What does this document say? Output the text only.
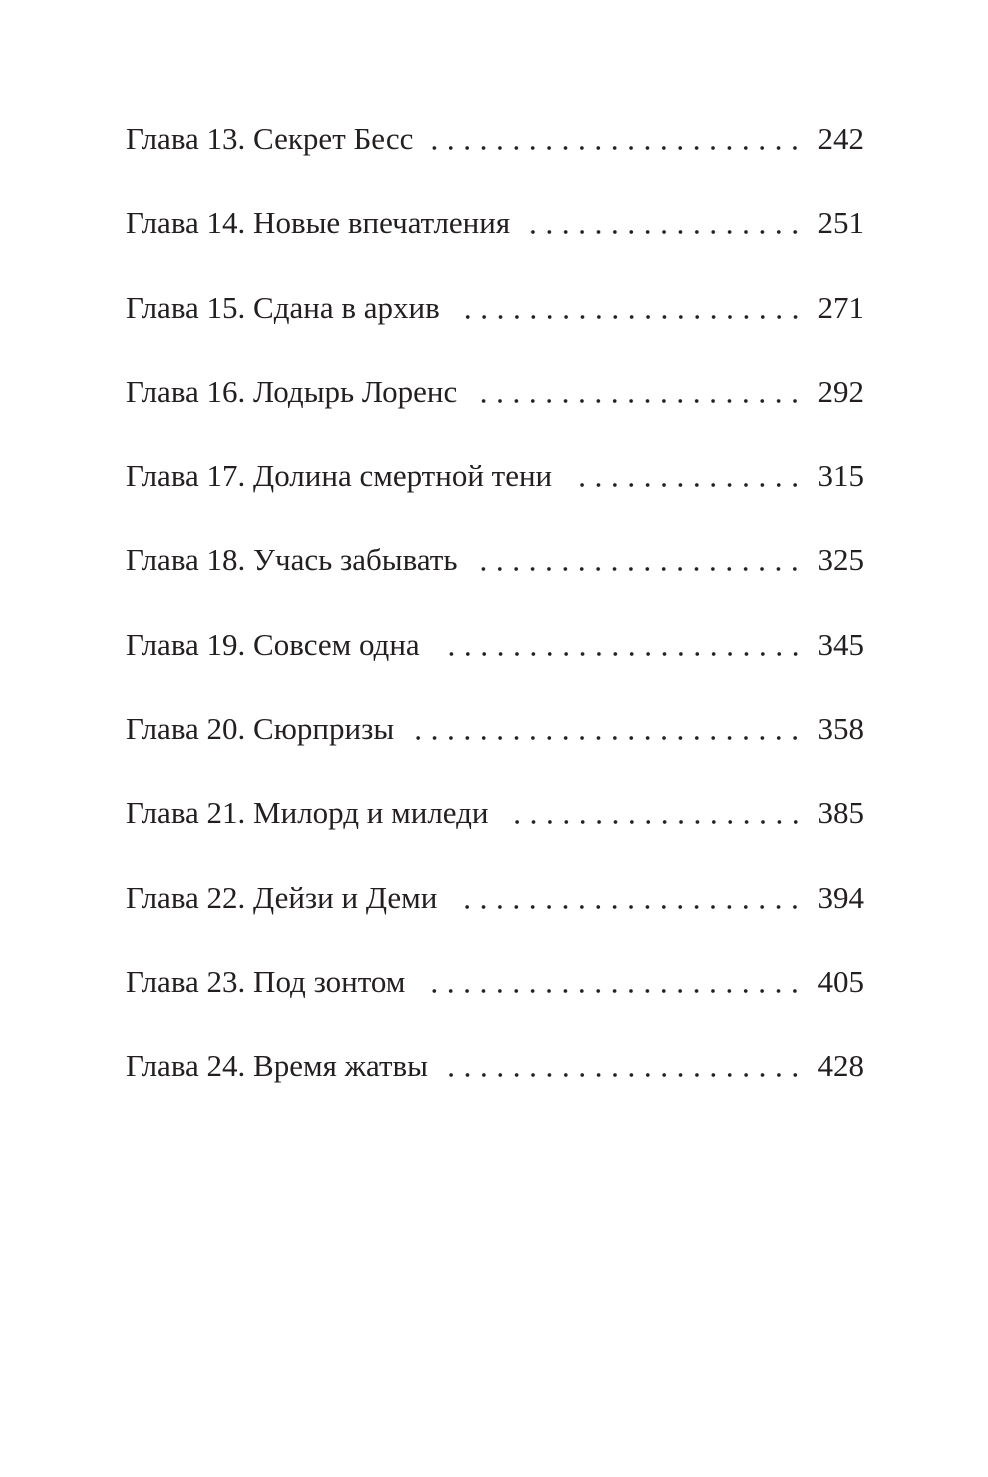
Глава 13. Секрет Бесс	242
Глава 14. Новые впечатления	251
Глава 15. Сдана в архив	271
Глава 16. Лодырь Лоренс	292
Глава 17. Долина смертной тени	315
Глава 18. Учась забывать	325
Глава 19. Совсем одна	345
Глава 20. Сюрпризы	358
Глава 21. Милорд и миледи	385
Глава 22. Дейзи и Деми	394
Глава 23. Под зонтом	405
Глава 24. Время жатвы	428
